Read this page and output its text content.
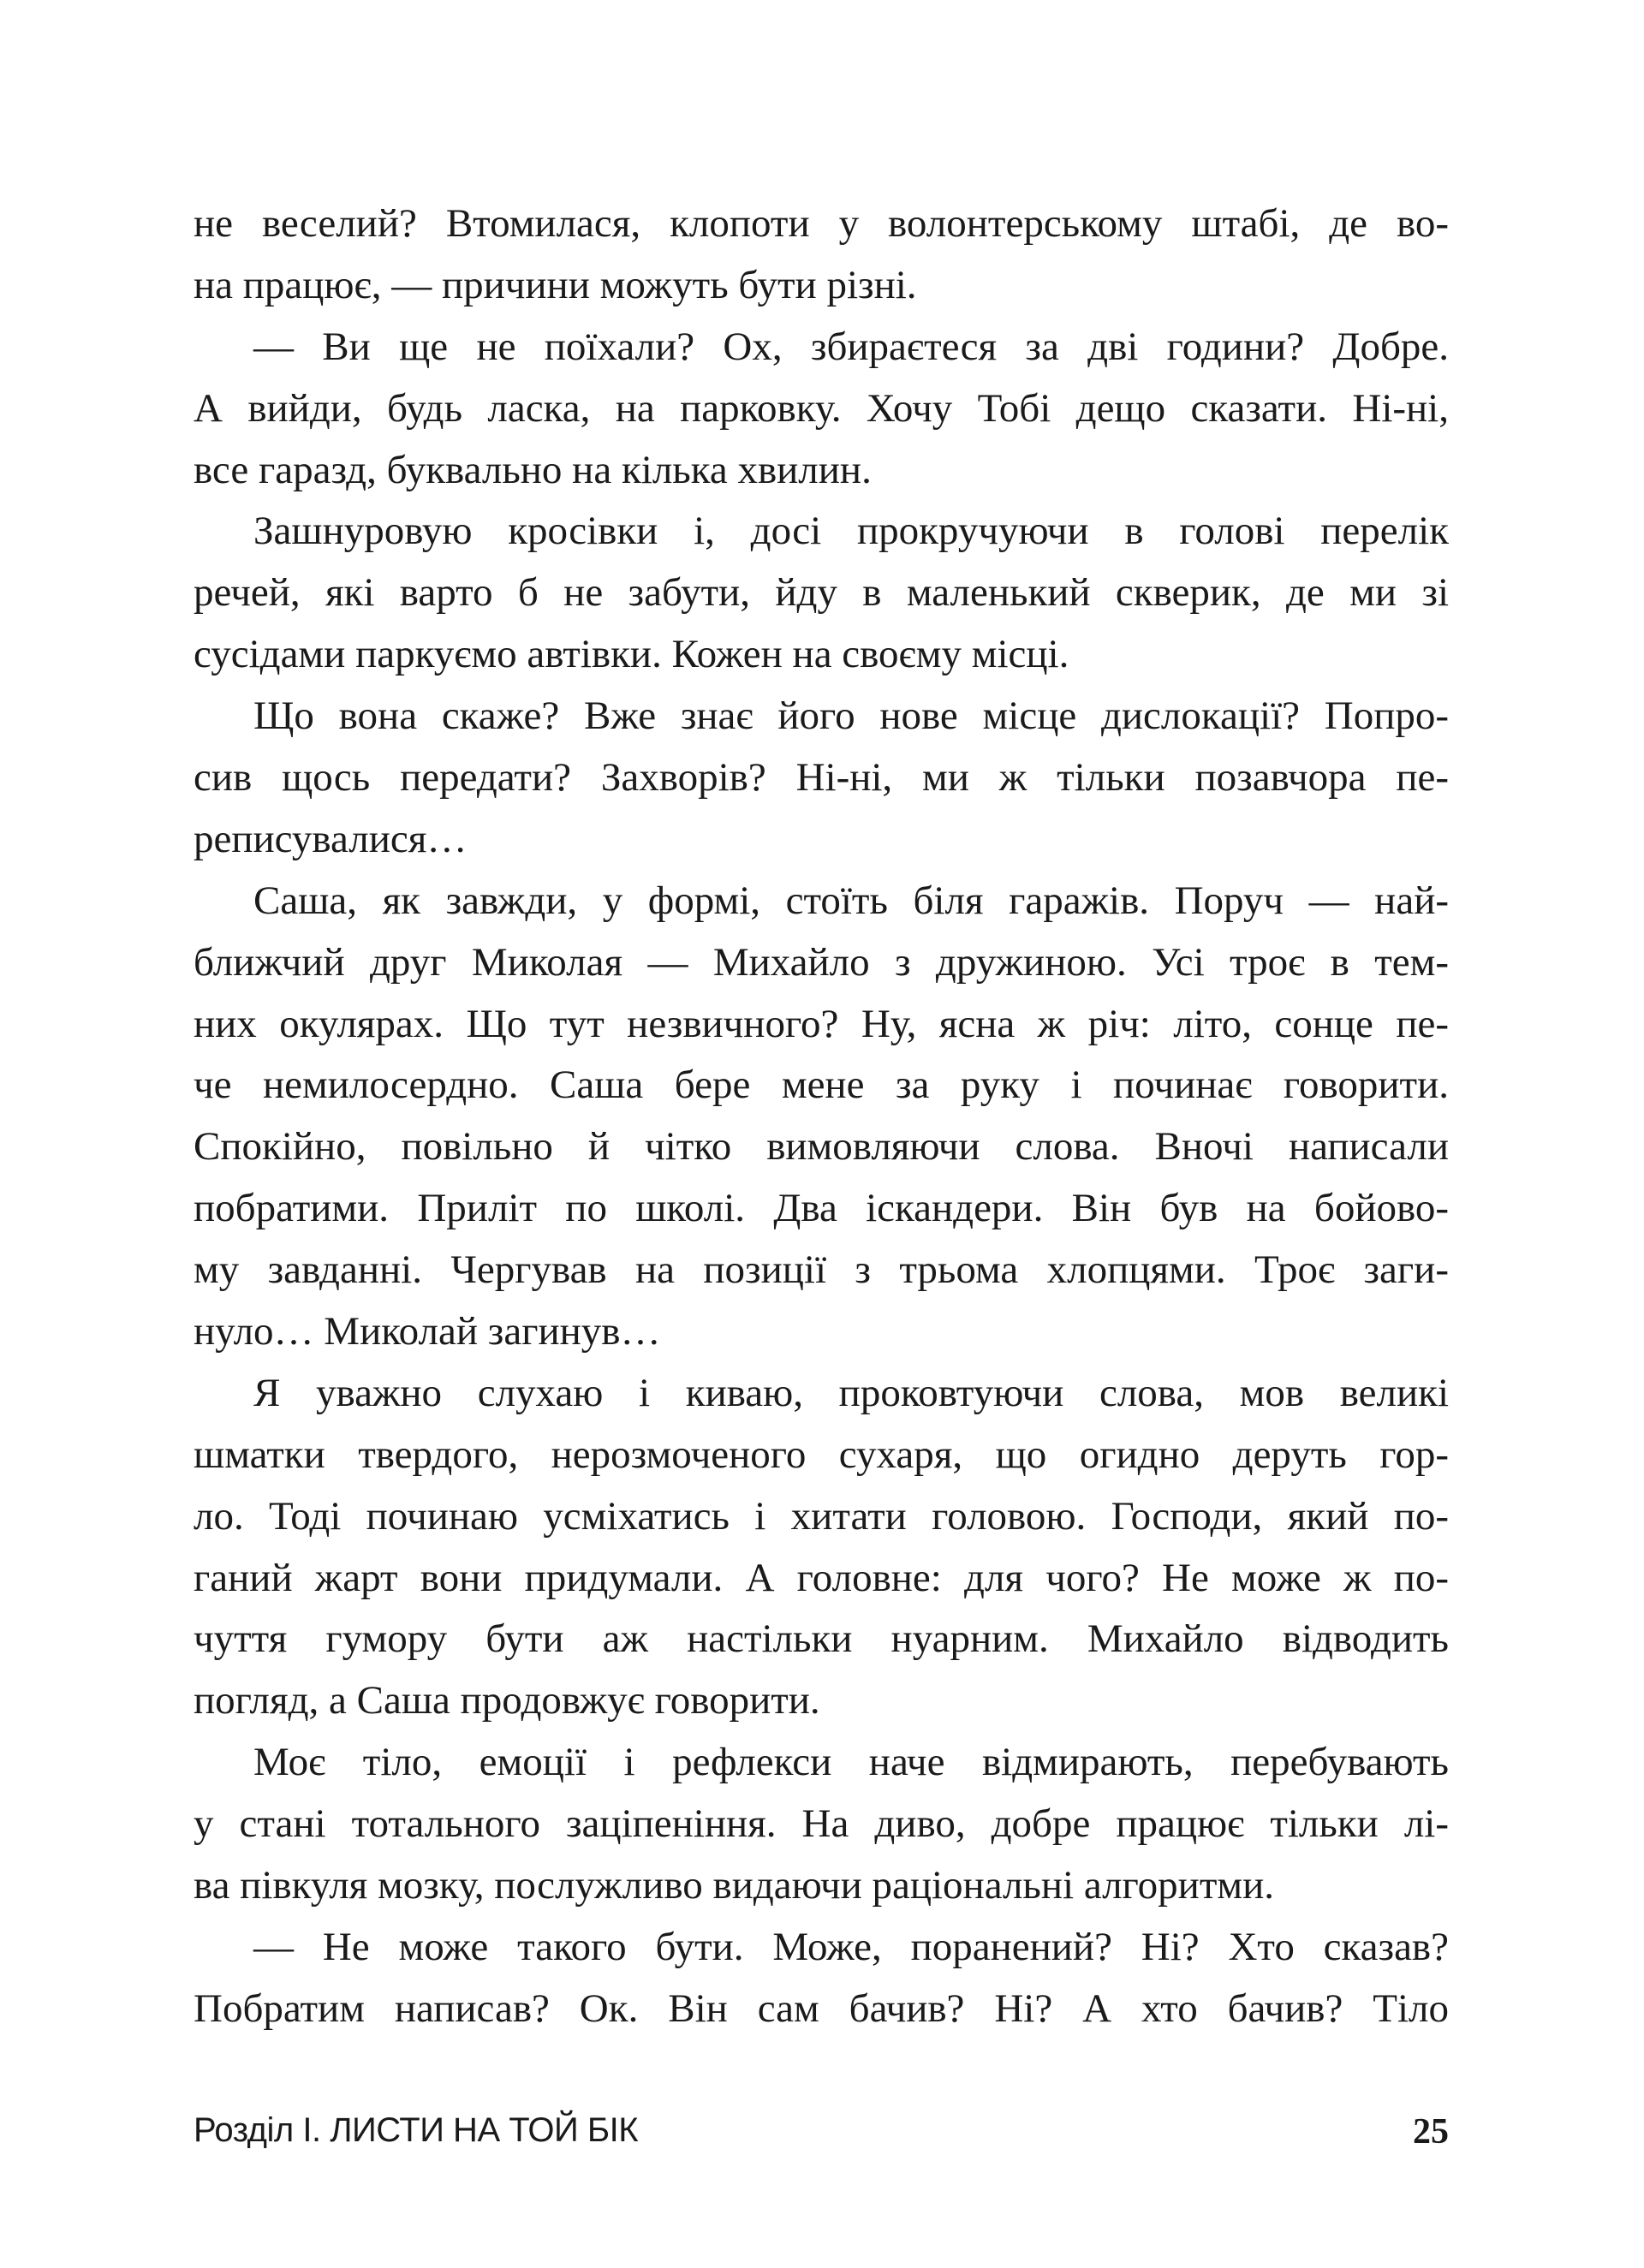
не веселий? Втомилася, клопоти у волонтерському штабі, де во-
на працює, — причини можуть бути різні.
— Ви ще не поїхали? Ох, збираєтеся за дві години? Добре.
А вийди, будь ласка, на парковку. Хочу Тобі дещо сказати. Ні-ні,
все гаразд, буквально на кілька хвилин.
Зашнуровую кросівки і, досі прокручуючи в голові перелік
речей, які варто б не забути, йду в маленький скверик, де ми зі
сусідами паркуємо автівки. Кожен на своєму місці.
Що вона скаже? Вже знає його нове місце дислокації? Попро-
сив щось передати? Захворів? Ні-ні, ми ж тільки позавчора пе-
реписувалися…
Саша, як завжди, у формі, стоїть біля гаражів. Поруч — най-
ближчий друг Миколая — Михайло з дружиною. Усі троє в тем-
них окулярах. Що тут незвичного? Ну, ясна ж річ: літо, сонце пе-
че немилосердно. Саша бере мене за руку і починає говорити.
Спокійно, повільно й чітко вимовляючи слова. Вночі написали
побратими. Приліт по школі. Два іскандери. Він був на бойово-
му завданні. Чергував на позиції з трьома хлопцями. Троє заги-
нуло… Миколай загинув…
Я уважно слухаю і киваю, проковтуючи слова, мов великі
шматки твердого, нерозмоченого сухаря, що огидно деруть гор-
ло. Тоді починаю усміхатись і хитати головою. Господи, який по-
ганий жарт вони придумали. А головне: для чого? Не може ж по-
чуття гумору бути аж настільки нуарним. Михайло відводить
погляд, а Саша продовжує говорити.
Моє тіло, емоції і рефлекси наче відмирають, перебувають
у стані тотального заціпеніння. На диво, добре працює тільки лі-
ва півкуля мозку, послужливо видаючи раціональні алгоритми.
— Не може такого бути. Може, поранений? Ні? Хто сказав?
Побратим написав? Ок. Він сам бачив? Ні? А хто бачив? Тіло
Розділ І. ЛИСТИ НА ТОЙ БІК	25
